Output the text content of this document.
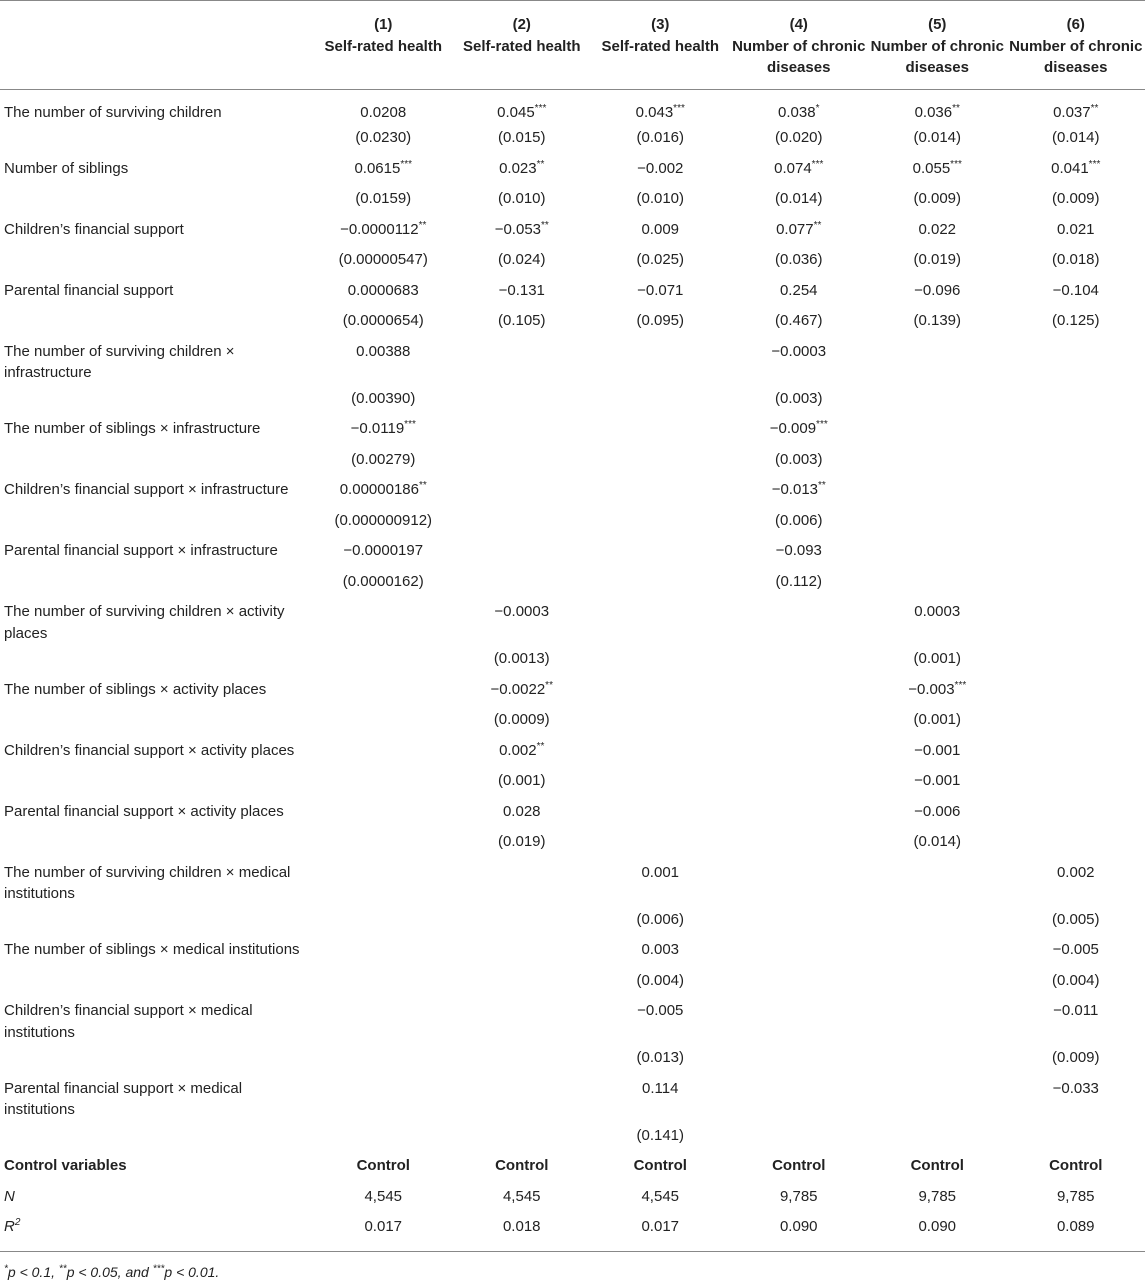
	(1)	(2)	(3)	(4)	(5)	(6)
	Self-rated health	Self-rated health	Self-rated health	Number of chronic diseases	Number of chronic diseases	Number of chronic diseases
The number of surviving children	0.0208	0.045***	0.043***	0.038*	0.036**	0.037**
	(0.0230)	(0.015)	(0.016)	(0.020)	(0.014)	(0.014)
Number of siblings	0.0615***	0.023**	−0.002	0.074***	0.055***	0.041***
	(0.0159)	(0.010)	(0.010)	(0.014)	(0.009)	(0.009)
Children’s financial support	−0.0000112**	−0.053**	0.009	0.077**	0.022	0.021
	(0.00000547)	(0.024)	(0.025)	(0.036)	(0.019)	(0.018)
Parental financial support	0.0000683	−0.131	−0.071	0.254	−0.096	−0.104
	(0.0000654)	(0.105)	(0.095)	(0.467)	(0.139)	(0.125)
The number of surviving children × infrastructure	0.00388			−0.0003		
	(0.00390)			(0.003)		
The number of siblings × infrastructure	−0.0119***			−0.009***		
	(0.00279)			(0.003)		
Children’s financial support × infrastructure	0.00000186**			−0.013**		
	(0.000000912)			(0.006)		
Parental financial support × infrastructure	−0.0000197			−0.093		
	(0.0000162)			(0.112)		
The number of surviving children × activity places		−0.0003			0.0003	
		(0.0013)			(0.001)	
The number of siblings × activity places		−0.0022**			−0.003***	
		(0.0009)			(0.001)	
Children’s financial support × activity places		0.002**			−0.001	
		(0.001)			−0.001	
Parental financial support × activity places		0.028			−0.006	
		(0.019)			(0.014)	
The number of surviving children × medical institutions			0.001			0.002
			(0.006)			(0.005)
The number of siblings × medical institutions			0.003			−0.005
			(0.004)			(0.004)
Children’s financial support × medical institutions			−0.005			−0.011
			(0.013)			(0.009)
Parental financial support × medical institutions			0.114			−0.033
			(0.141)			
Control variables	Control	Control	Control	Control	Control	Control
N	4,545	4,545	4,545	9,785	9,785	9,785
$R^2$	0.017	0.018	0.017	0.090	0.090	0.089
*p < 0.1, **p < 0.05, and ***p < 0.01.
